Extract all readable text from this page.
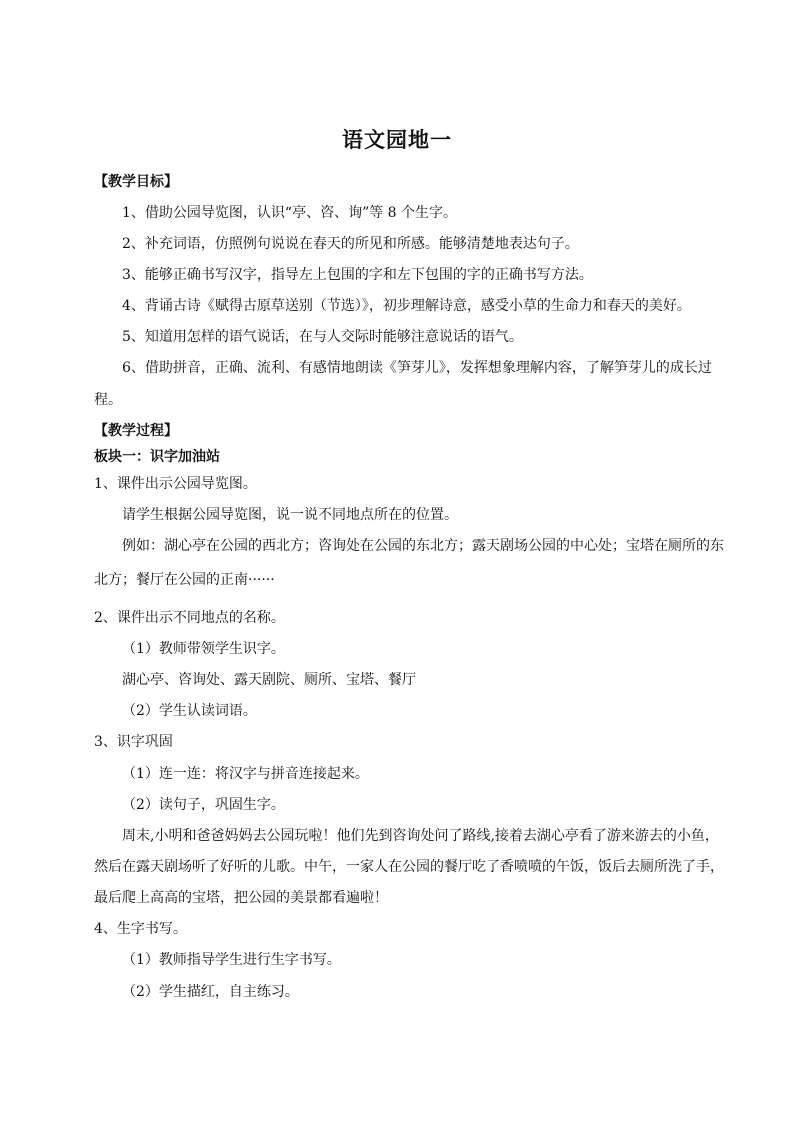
语文园地一
【教学目标】
1、借助公园导览图，认识“亭、咨、询”等 8 个生字。
2、补充词语，仿照例句说说在春天的所见和所感。能够清楚地表达句子。
3、能够正确书写汉字，指导左上包围的字和左下包围的字的正确书写方法。
4、背诵古诗《赋得古原草送别（节选）》，初步理解诗意，感受小草的生命力和春天的美好。
5、知道用怎样的语气说话，在与人交际时能够注意说话的语气。
6、借助拼音，正确、流利、有感情地朗读《笋芽儿》，发挥想象理解内容，了解笋芽儿的成长过
程。
【教学过程】
板块一：识字加油站
1、课件出示公园导览图。
请学生根据公园导览图，说一说不同地点所在的位置。
例如：湖心亭在公园的西北方；咨询处在公园的东北方；露天剧场公园的中心处；宝塔在厕所的东
北方；餐厅在公园的正南······
2、课件出示不同地点的名称。
（1）教师带领学生识字。
湖心亭、咨询处、露天剧院、厕所、宝塔、餐厅
（2）学生认读词语。
3、识字巩固
（1）连一连：将汉字与拼音连接起来。
（2）读句子，巩固生字。
周末,小明和爸爸妈妈去公园玩啦！他们先到咨询处问了路线,接着去湖心亭看了游来游去的小鱼，
然后在露天剧场听了好听的儿歌。中午，一家人在公园的餐厅吃了香喷喷的午饭，饭后去厕所洗了手，
最后爬上高高的宝塔，把公园的美景都看遍啦！
4、生字书写。
（1）教师指导学生进行生字书写。
（2）学生描红，自主练习。
